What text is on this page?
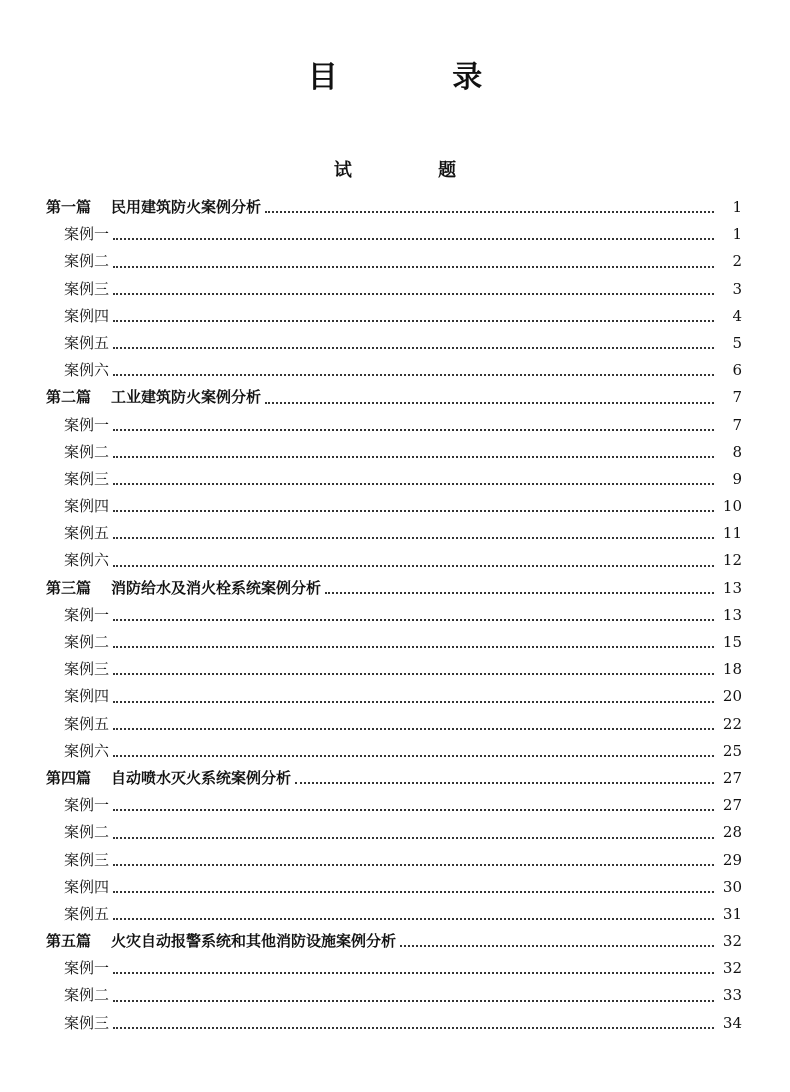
目 录
试 题
第一篇 民用建筑防火案例分析	1
案例一	1
案例二	2
案例三	3
案例四	4
案例五	5
案例六	6
第二篇 工业建筑防火案例分析	7
案例一	7
案例二	8
案例三	9
案例四	10
案例五	11
案例六	12
第三篇 消防给水及消火栓系统案例分析	13
案例一	13
案例二	15
案例三	18
案例四	20
案例五	22
案例六	25
第四篇 自动喷水灭火系统案例分析	27
案例一	27
案例二	28
案例三	29
案例四	30
案例五	31
第五篇 火灾自动报警系统和其他消防设施案例分析	32
案例一	32
案例二	33
案例三	34
